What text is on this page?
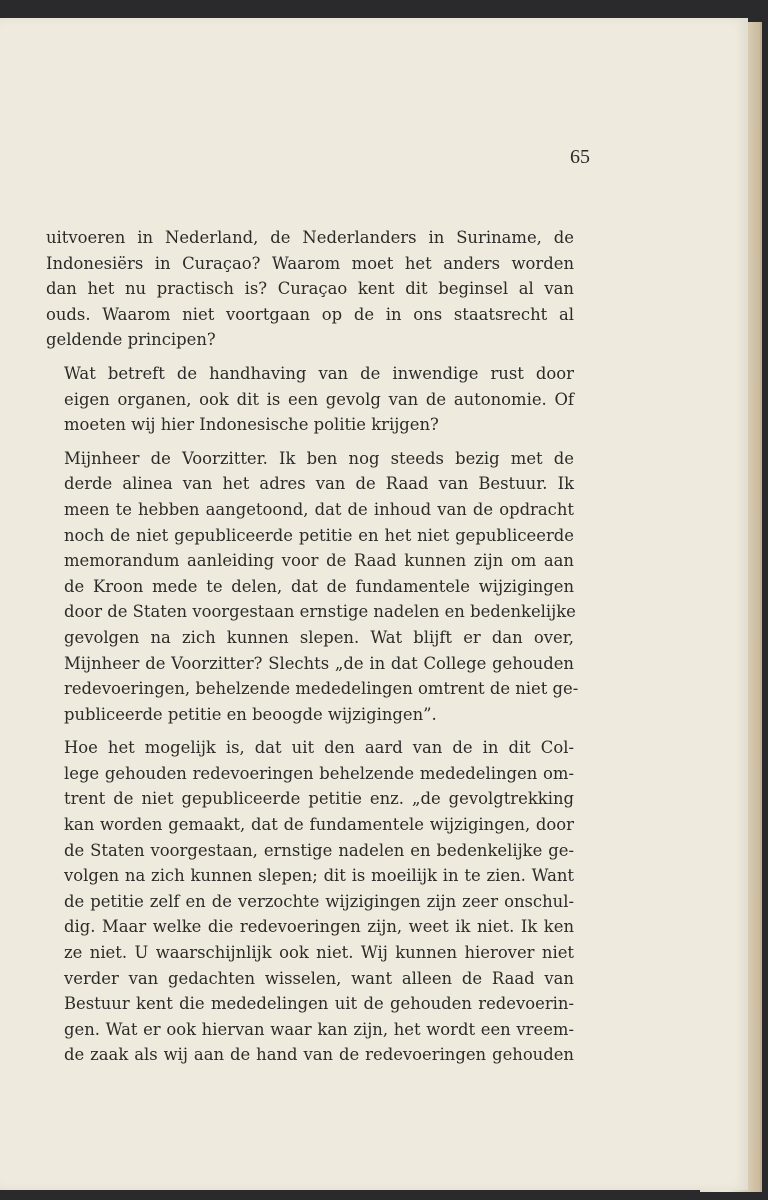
65
uitvoeren in Nederland, de Nederlanders in Suriname, de
Indonesiërs in Curaçao? Waarom moet het anders worden
dan het nu practisch is? Curaçao kent dit beginsel al van
ouds. Waarom niet voortgaan op de in ons staatsrecht al
geldende principen?
Wat betreft de handhaving van de inwendige rust door
eigen organen, ook dit is een gevolg van de autonomie. Of
moeten wij hier Indonesische politie krijgen?
Mijnheer de Voorzitter. Ik ben nog steeds bezig met de
derde alinea van het adres van de Raad van Bestuur. Ik
meen te hebben aangetoond, dat de inhoud van de opdracht
noch de niet gepubliceerde petitie en het niet gepubliceerde
memorandum aanleiding voor de Raad kunnen zijn om aan
de Kroon mede te delen, dat de fundamentele wijzigingen
door de Staten voorgestaan ernstige nadelen en bedenkelijke
gevolgen na zich kunnen slepen. Wat blijft er dan over,
Mijnheer de Voorzitter? Slechts „de in dat College gehouden
redevoeringen, behelzende mededelingen omtrent de niet ge-
publiceerde petitie en beoogde wijzigingen”.
Hoe het mogelijk is, dat uit den aard van de in dit Col-
lege gehouden redevoeringen behelzende mededelingen om-
trent de niet gepubliceerde petitie enz. „de gevolgtrekking
kan worden gemaakt, dat de fundamentele wijzigingen, door
de Staten voorgestaan, ernstige nadelen en bedenkelijke ge-
volgen na zich kunnen slepen; dit is moeilijk in te zien. Want
de petitie zelf en de verzochte wijzigingen zijn zeer onschul-
dig. Maar welke die redevoeringen zijn, weet ik niet. Ik ken
ze niet. U waarschijnlijk ook niet. Wij kunnen hierover niet
verder van gedachten wisselen, want alleen de Raad van
Bestuur kent die mededelingen uit de gehouden redevoerin-
gen. Wat er ook hiervan waar kan zijn, het wordt een vreem-
de zaak als wij aan de hand van de redevoeringen gehouden
